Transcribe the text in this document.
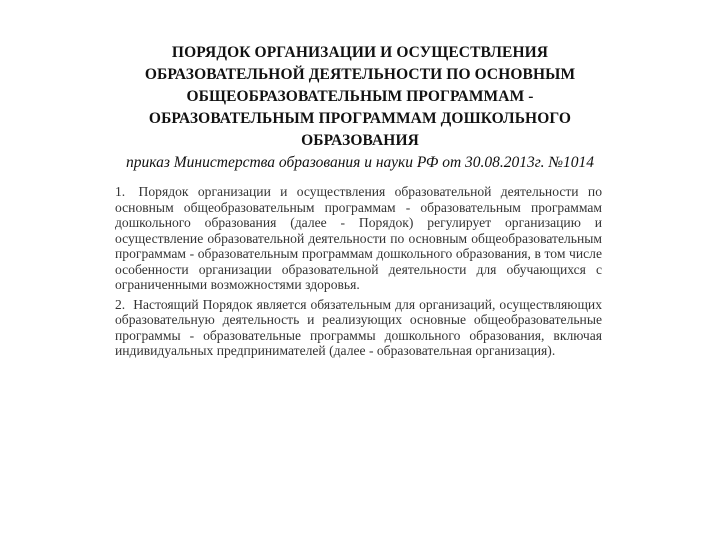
ПОРЯДОК ОРГАНИЗАЦИИ И ОСУЩЕСТВЛЕНИЯ
ОБРАЗОВАТЕЛЬНОЙ ДЕЯТЕЛЬНОСТИ ПО ОСНОВНЫМ
ОБЩЕОБРАЗОВАТЕЛЬНЫМ ПРОГРАММАМ -
ОБРАЗОВАТЕЛЬНЫМ ПРОГРАММАМ ДОШКОЛЬНОГО
ОБРАЗОВАНИЯ
приказ Министерства образования и науки РФ от 30.08.2013г. №1014

1. Порядок организации и осуществления образовательной деятельности по основным общеобразовательным программам - образовательным программам дошкольного образования (далее - Порядок) регулирует организацию и осуществление образовательной деятельности по основным общеобразовательным программам - образовательным программам дошкольного образования, в том числе особенности организации образовательной деятельности для обучающихся с ограниченными возможностями здоровья.

2. Настоящий Порядок является обязательным для организаций, осуществляющих образовательную деятельность и реализующих основные общеобразовательные программы - образовательные программы дошкольного образования, включая индивидуальных предпринимателей (далее - образовательная организация).
